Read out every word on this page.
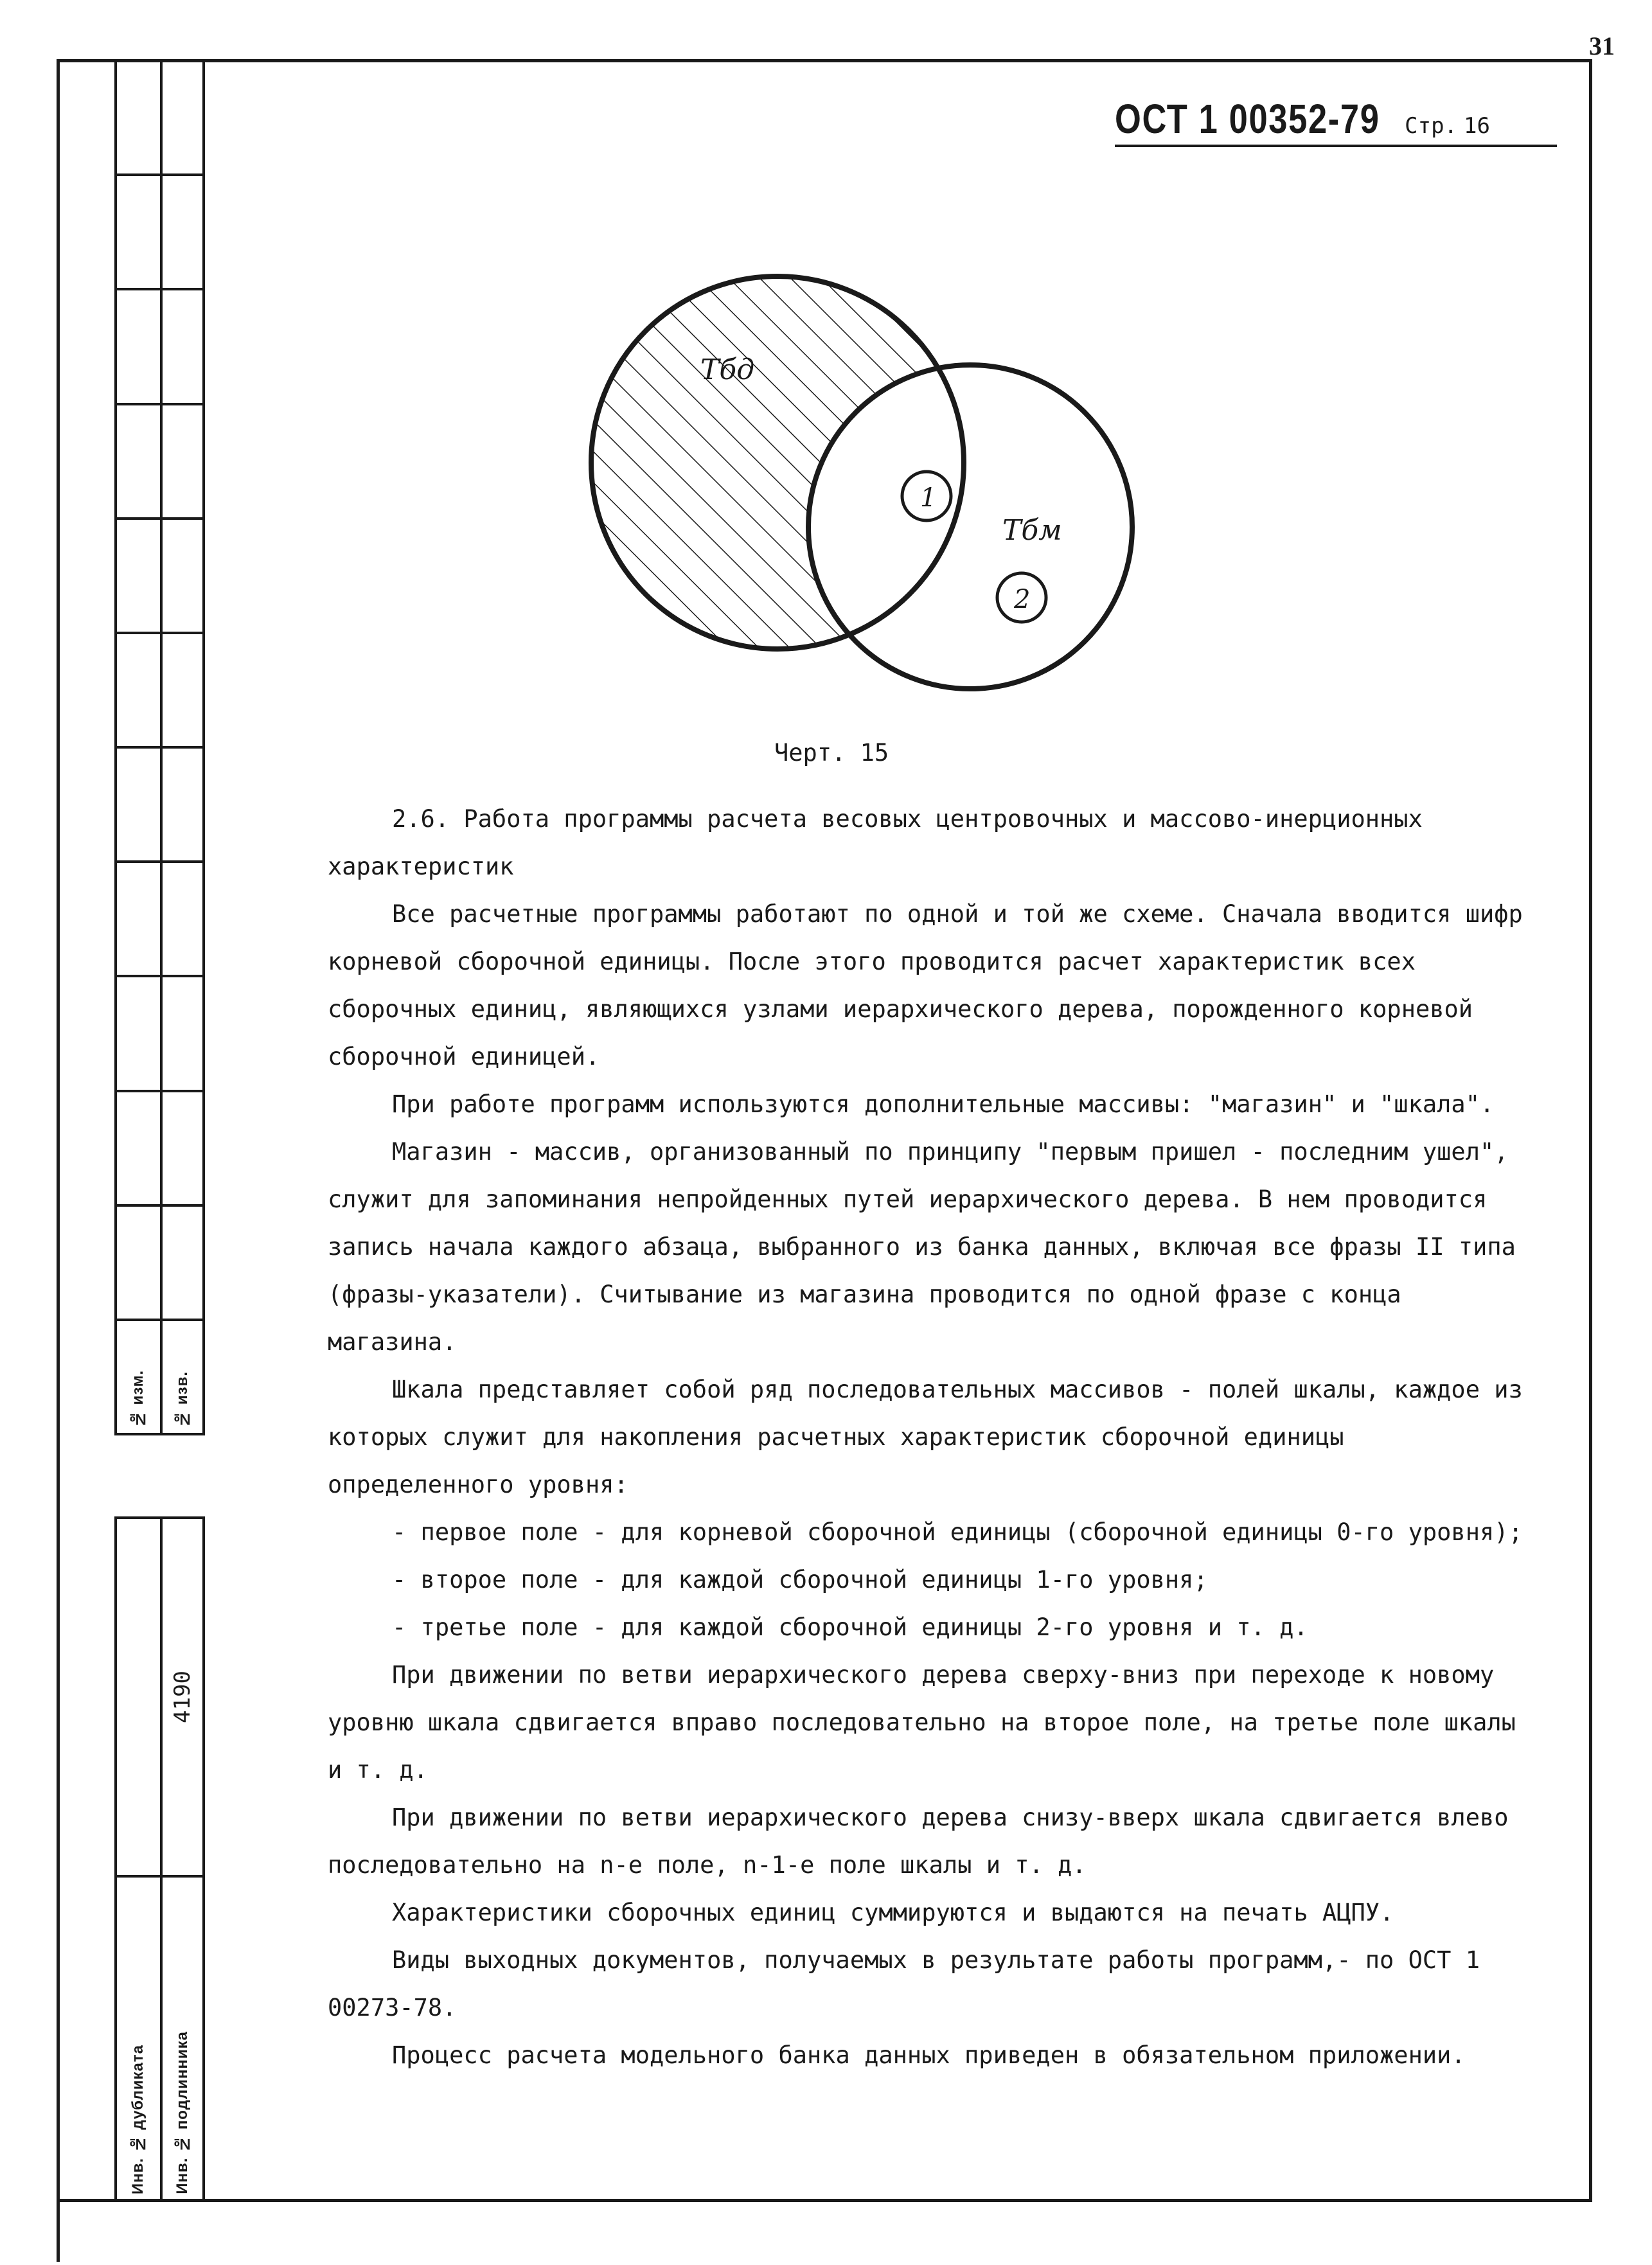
31
№ изм. № изв.
4190
Инв. № дубликата Инв. № подлинника
ОСТ 1 00352-79 Стр. 16
Тбд
Тбм
1
2
Черт. 15

2.6. Работа программы расчета весовых центровочных и массово-инерционных характеристик

Все расчетные программы работают по одной и той же схеме. Сначала вводится шифр корневой сборочной единицы. После этого проводится расчет характеристик всех сборочных единиц, являющихся узлами иерархического дерева, порожденного корневой сборочной единицей.

При работе программ используются дополнительные массивы: "магазин" и "шкала".

Магазин - массив, организованный по принципу "первым пришел - последним ушел", служит для запоминания непройденных путей иерархического дерева. В нем проводится запись начала каждого абзаца, выбранного из банка данных, включая все фразы II типа (фразы-указатели). Считывание из магазина проводится по одной фразе с конца магазина.

Шкала представляет собой ряд последовательных массивов - полей шкалы, каждое из которых служит для накопления расчетных характеристик сборочной единицы определенного уровня:

- первое поле - для корневой сборочной единицы (сборочной единицы 0-го уровня);

- второе поле - для каждой сборочной единицы 1-го уровня;

- третье поле - для каждой сборочной единицы 2-го уровня и т. д.

При движении по ветви иерархического дерева сверху-вниз при переходе к новому уровню шкала сдвигается вправо последовательно на второе поле, на третье поле шкалы и т. д.

При движении по ветви иерархического дерева снизу-вверх шкала сдвигается влево последовательно на n-е поле, n-1-е поле шкалы и т. д.

Характеристики сборочных единиц суммируются и выдаются на печать АЦПУ.

Виды выходных документов, получаемых в результате работы программ,- по ОСТ 1 00273-78.

Процесс расчета модельного банка данных приведен в обязательном приложении.
